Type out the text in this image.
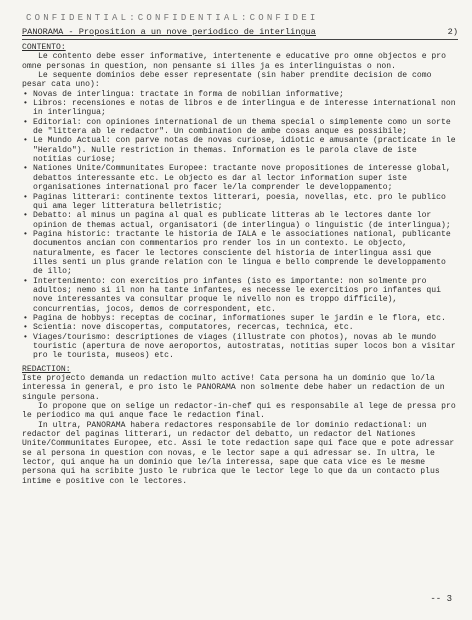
CONFIDENTIAL:CONFIDENTIAL:CONFIDEI
PANORAMA - Proposition a un nove periodico de interlingua	2)
CONTENTO:

Le contento debe esser informative, intertenente e educative pro omne objectos e pro omne personas in question, non pensante si illes jа es interlinguistas o non.

Le sequente dominios debe esser representate (sin haber prendite decision de como pesar cata uno):

• Novas de interlingua: tractate in forma de nobilian informative;
• Libros: recensiones e notas de libros e de interlingua e de interesse international non in interlingua;
• Editorial: con opiniones international de un thema special o simplemente como un sorte de "littera ab le redactor". Un combination de ambe cosas anque es possibile;
• Le Mundo Actual: con parve notas de novas curiose, idiotic e amusante (practicate in le "Heraldo"). Nulle restriction in themas. Information es le parola clave de iste notitias curiose;
• Nationes Unite/Communitates Europee: tractante nove propositiones de interesse global, debattos interessante etc. Le objecto es dar al lector information super iste organisationes international pro facer le/la comprender le developpamento;
• Paginas litterari: continente textos litterari, poesia, novellas, etc. pro le publico qui ama leger litteratura belletristic;
• Debatto: al minus un pagina al qual es publicate litteras ab le lectores dante lor opinion de themas actual, organisatori (de interlingua) o linguistic (de interlingua);
• Pagina historic: tractante le historia de IALA e le associationes national, publicante documentos ancian con commentarios pro render los in un contexto. Le objecto, naturalmente, es facer le lectores consciente del historia de interlingua assi que illes senti un plus grande relation con le lingua e bello comprende le developpamento de illo;
• Intertenimento: con exercitios pro infantes (isto es importante: non solmente pro adultos; nemo si il non ha tante infantes, es necesse le exercitios pro infantes qui nove interessantes va consultar proque le nivello non es troppo difficile), concurrentias, jocos, demos de correspondent, etc.
• Pagina de hobbys: receptas de cocinar, informationes super le jardin e le flora, etc.
• Scientia: nove discopertas, computatores, recercas, technica, etc.
• Viages/tourismo: descriptiones de viages (illustrate con photos), novas ab le mundo touristic (apertura de nove aeroportos, autostratas, notitias super locos bon a visitar pro le tourista, museos) etc.
REDACTION:

Iste projecto demanda un redaction multo active! Cata persona ha un dominio que lo/la interessa in general, e pro isto le PANORAMA non solmente debe haber un redaction de un singule persona.

Io propone que on selige un redactor-in-chef qui es responsabile al lege de pressa pro le periodico ma qui anque face le redaction final.

In ultra, PANORAMA habera redactores responsabile de lor dominio redactional: un redactor del paginas litterari, un redactor del debatto, un redactor del Nationes Unite/Communitates Europee, etc. Assi le tote redaction sape qui face que e pote adressar se al persona in question con novas, e le lector sape a qui adressar se. In ultra, le lector, qui anque ha un dominio que le/la interessa, sape que cata vice es le mesme persona qui ha scribite justo le rubrica que le lector lege lo que da un contacto plus intime e positive con le lectores.

-- 3
